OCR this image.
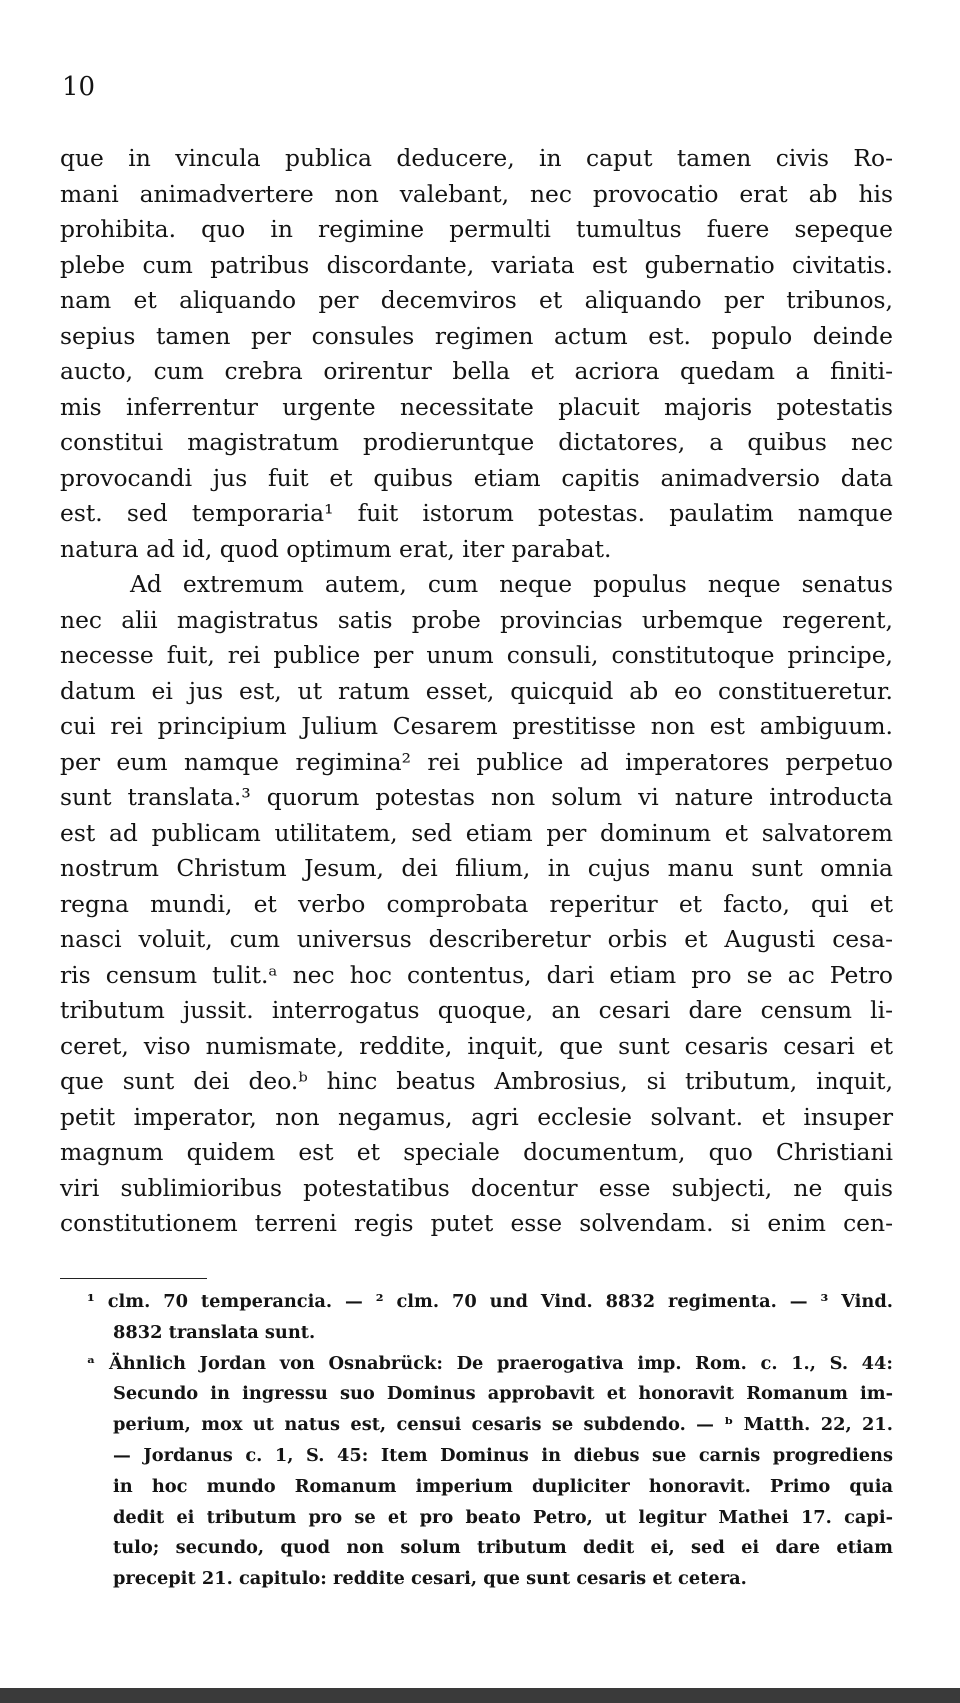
10
que in vincula publica deducere, in caput tamen civis Ro-
mani animadvertere non valebant, nec provocatio erat ab his
prohibita. quo in regimine permulti tumultus fuere sepeque
plebe cum patribus discordante, variata est gubernatio civitatis.
nam et aliquando per decemviros et aliquando per tribunos,
sepius tamen per consules regimen actum est. populo deinde
aucto, cum crebra orirentur bella et acriora quedam a finiti-
mis inferrentur urgente necessitate placuit majoris potestatis
constitui magistratum prodieruntque dictatores, a quibus nec
provocandi jus fuit et quibus etiam capitis animadversio data
est. sed temporaria¹ fuit istorum potestas. paulatim namque
natura ad id, quod optimum erat, iter parabat.
Ad extremum autem, cum neque populus neque senatus
nec alii magistratus satis probe provincias urbemque regerent,
necesse fuit, rei publice per unum consuli, constitutoque principe,
datum ei jus est, ut ratum esset, quicquid ab eo constitueretur.
cui rei principium Julium Cesarem prestitisse non est ambiguum.
per eum namque regimina² rei publice ad imperatores perpetuo
sunt translata.³ quorum potestas non solum vi nature introducta
est ad publicam utilitatem, sed etiam per dominum et salvatorem
nostrum Christum Jesum, dei filium, in cujus manu sunt omnia
regna mundi, et verbo comprobata reperitur et facto, qui et
nasci voluit, cum universus describeretur orbis et Augusti cesa-
ris censum tulit.ᵃ nec hoc contentus, dari etiam pro se ac Petro
tributum jussit. interrogatus quoque, an cesari dare censum li-
ceret, viso numismate, reddite, inquit, que sunt cesaris cesari et
que sunt dei deo.ᵇ hinc beatus Ambrosius, si tributum, inquit,
petit imperator, non negamus, agri ecclesie solvant. et insuper
magnum quidem est et speciale documentum, quo Christiani
viri sublimioribus potestatibus docentur esse subjecti, ne quis
constitutionem terreni regis putet esse solvendam. si enim cen-
¹ clm. 70 temperancia. — ² clm. 70 und Vind. 8832 regimenta. — ³ Vind.
8832 translata sunt.
ᵃ Ähnlich Jordan von Osnabrück: De praerogativa imp. Rom. c. 1., S. 44:
Secundo in ingressu suo Dominus approbavit et honoravit Romanum im-
perium, mox ut natus est, censui cesaris se subdendo. — ᵇ Matth. 22, 21.
— Jordanus c. 1, S. 45: Item Dominus in diebus sue carnis progrediens
in hoc mundo Romanum imperium dupliciter honoravit. Primo quia
dedit ei tributum pro se et pro beato Petro, ut legitur Mathei 17. capi-
tulo; secundo, quod non solum tributum dedit ei, sed ei dare etiam
precepit 21. capitulo: reddite cesari, que sunt cesaris et cetera.
